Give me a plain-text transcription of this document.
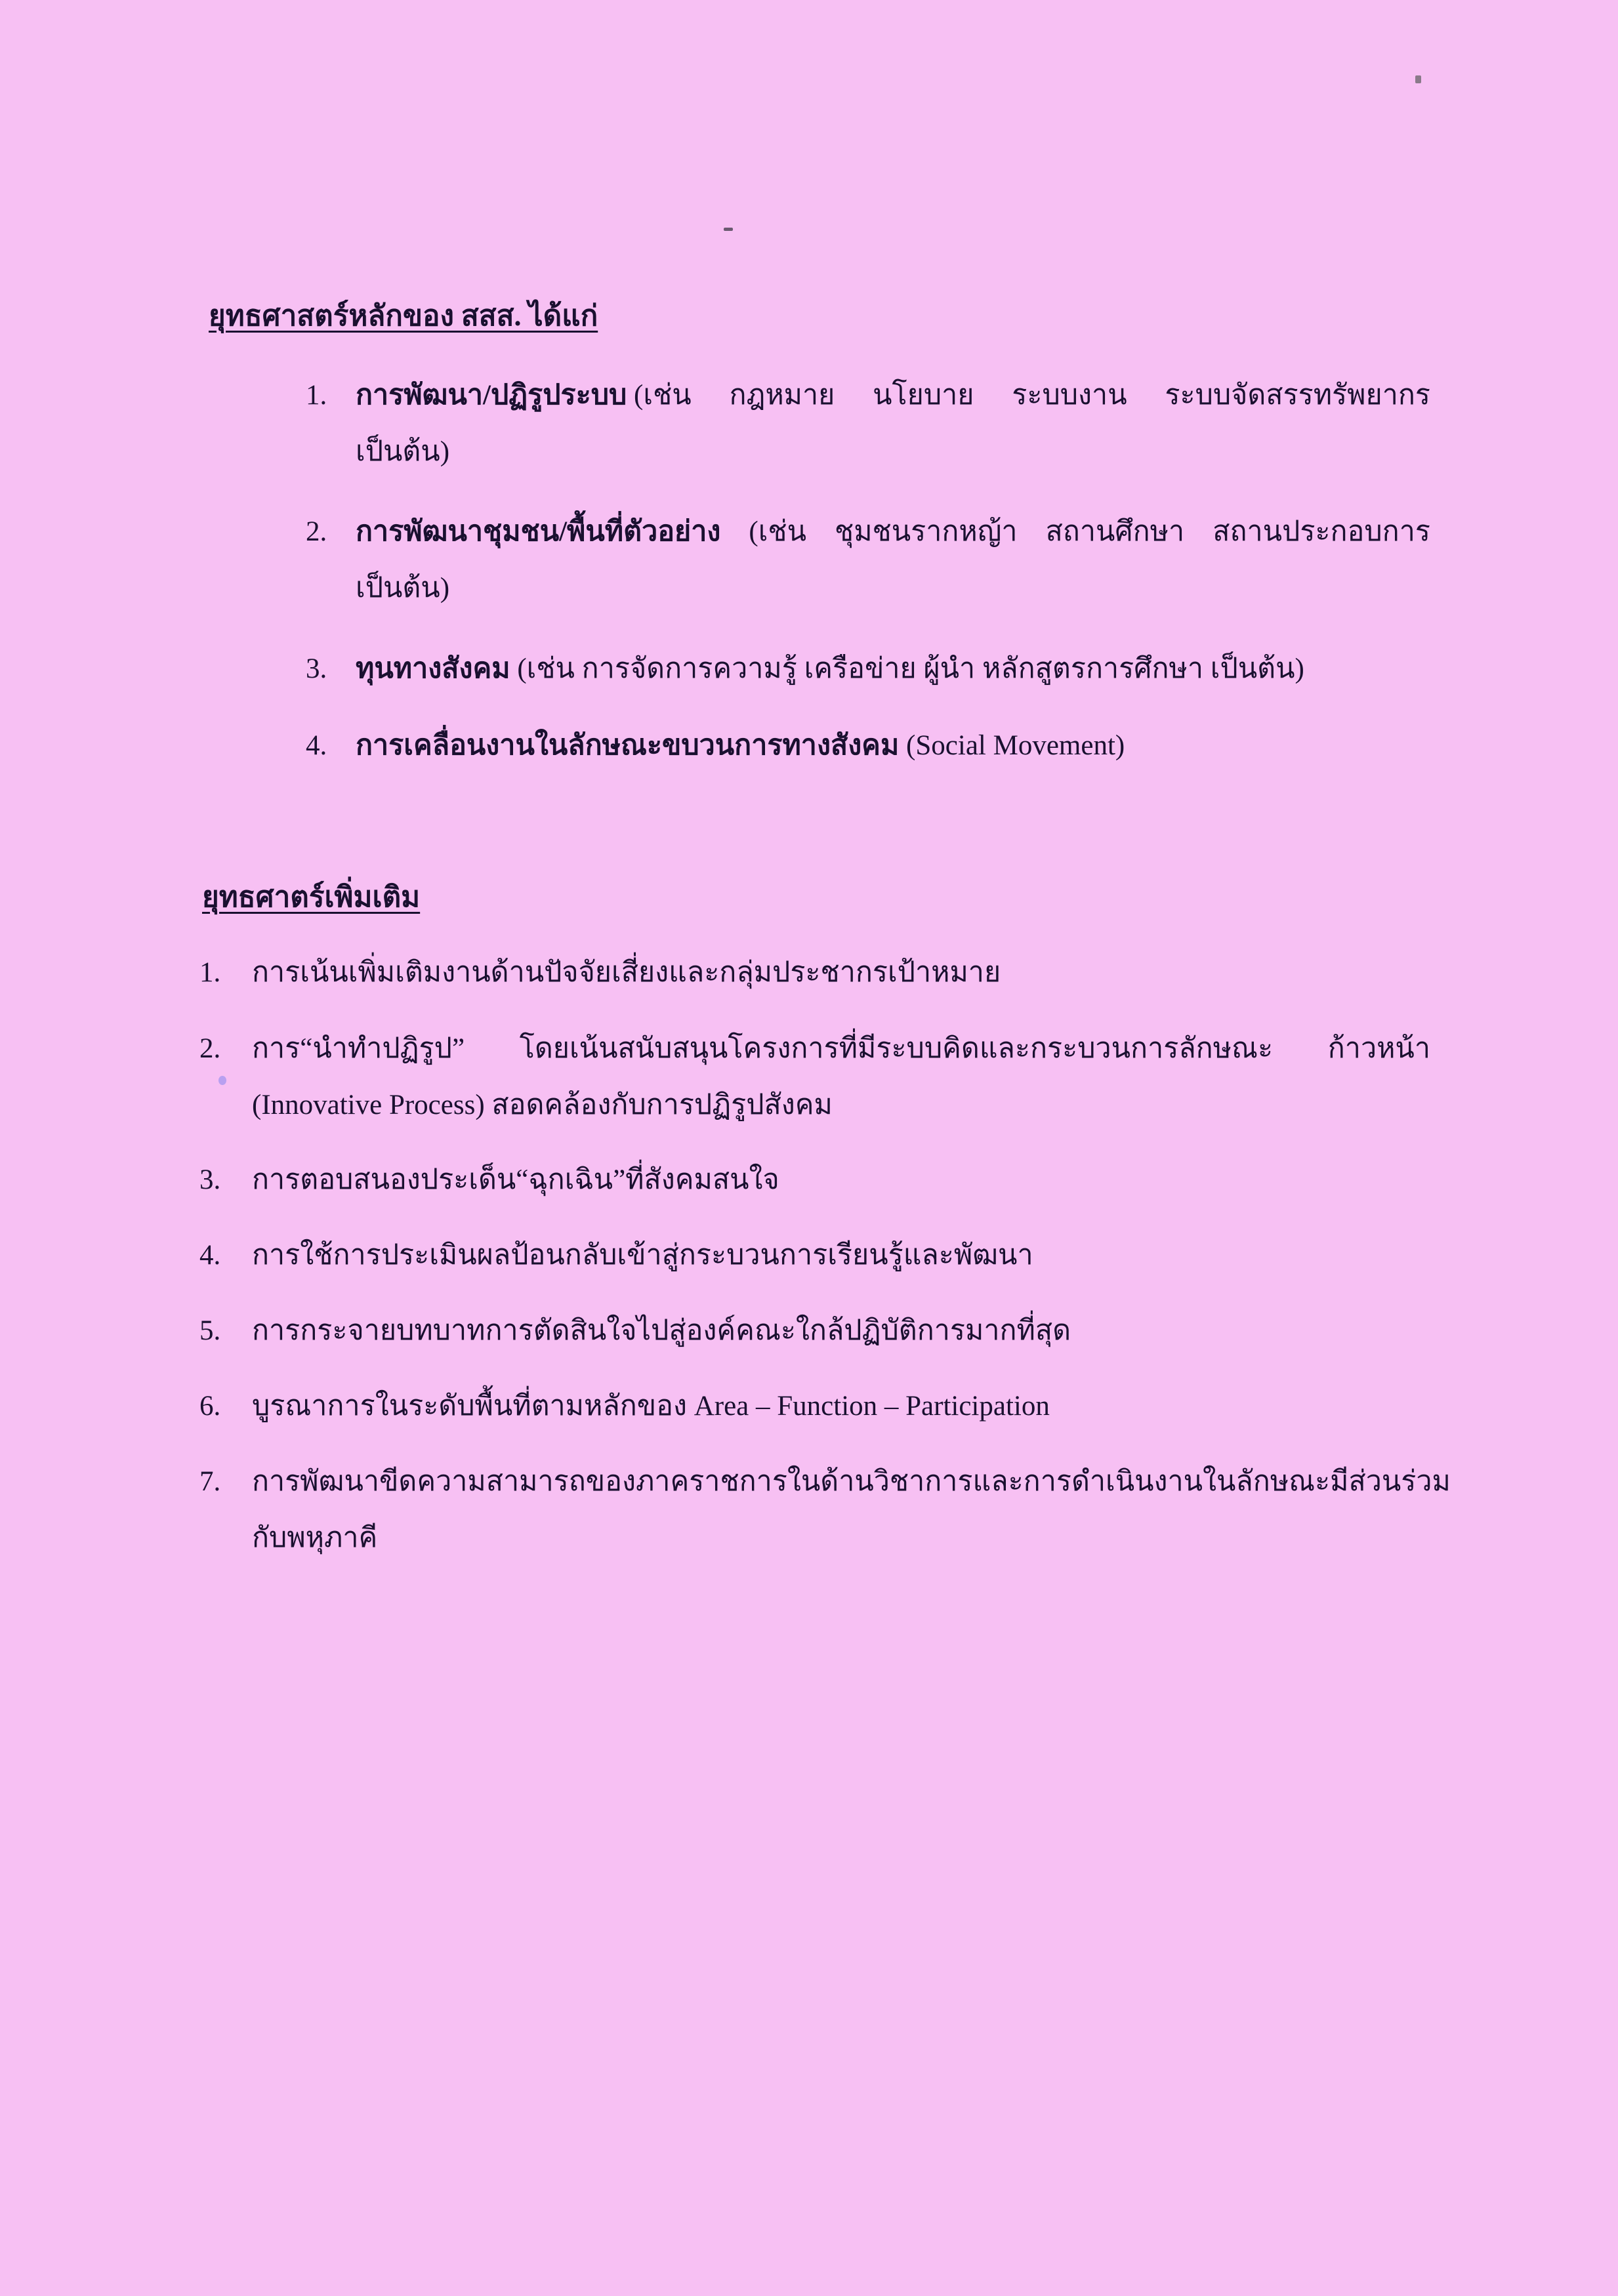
ยุทธศาสตร์หลักของ สสส. ได้แก่
1. การพัฒนา/ปฏิรูประบบ (เช่น กฎหมาย นโยบาย ระบบงาน ระบบจัดสรรทรัพยากร
เป็นต้น)
2. การพัฒนาชุมชน/พื้นที่ตัวอย่าง (เช่น ชุมชนรากหญ้า สถานศึกษา สถานประกอบการ
เป็นต้น)
3. ทุนทางสังคม (เช่น การจัดการความรู้ เครือข่าย ผู้นำ หลักสูตรการศึกษา เป็นต้น)
4. การเคลื่อนงานในลักษณะขบวนการทางสังคม (Social Movement)
ยุทธศาตร์เพิ่มเติม
1. การเน้นเพิ่มเติมงานด้านปัจจัยเสี่ยงและกลุ่มประชากรเป้าหมาย
2. การ“นำทำปฏิรูป” โดยเน้นสนับสนุนโครงการที่มีระบบคิดและกระบวนการลักษณะ ก้าวหน้า
(Innovative Process) สอดคล้องกับการปฏิรูปสังคม
3. การตอบสนองประเด็น“ฉุกเฉิน”ที่สังคมสนใจ
4. การใช้การประเมินผลป้อนกลับเข้าสู่กระบวนการเรียนรู้และพัฒนา
5. การกระจายบทบาทการตัดสินใจไปสู่องค์คณะใกล้ปฏิบัติการมากที่สุด
6. บูรณาการในระดับพื้นที่ตามหลักของ Area – Function – Participation
7. การพัฒนาขีดความสามารถของภาคราชการในด้านวิชาการและการดำเนินงานในลักษณะมีส่วนร่วม
กับพหุภาคี
